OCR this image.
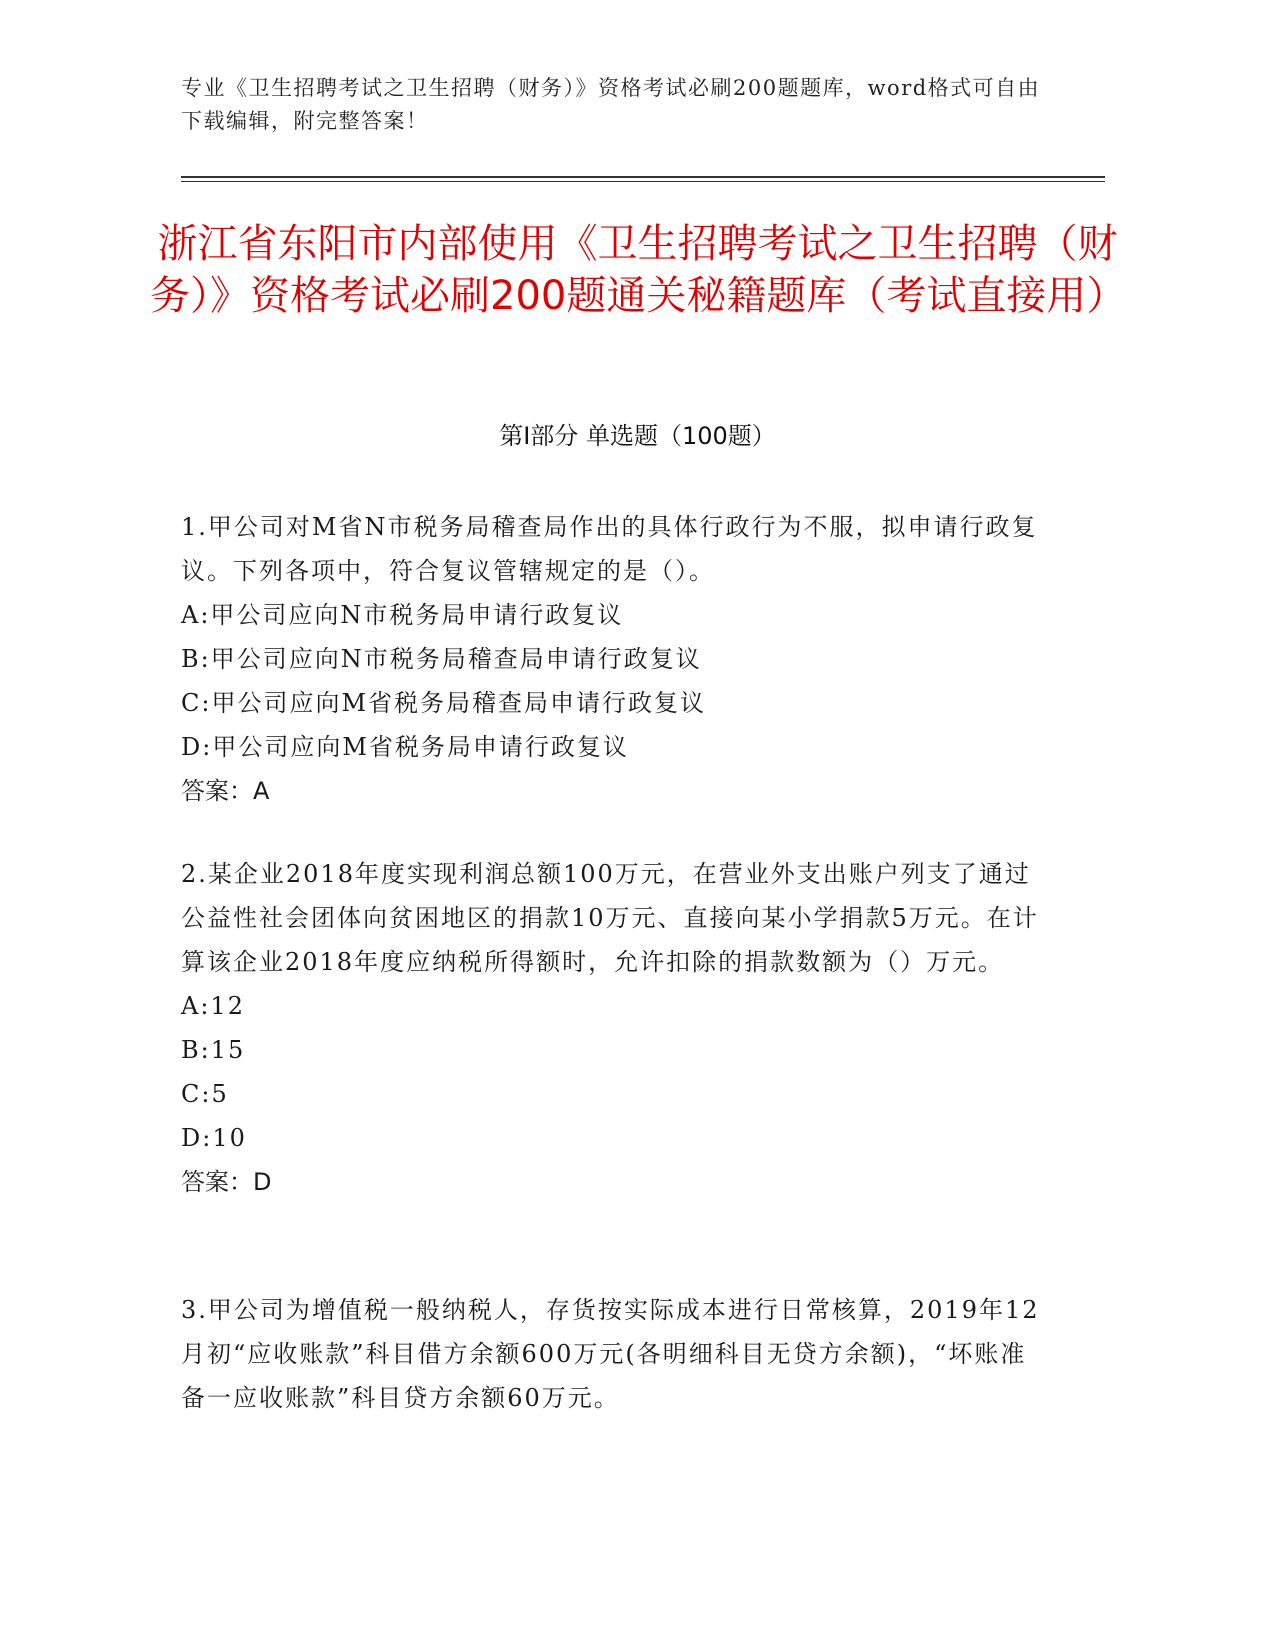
专业《卫生招聘考试之卫生招聘（财务）》资格考试必刷200题题库，word格式可自由下载编辑，附完整答案！
浙江省东阳市内部使用《卫生招聘考试之卫生招聘（财务）》资格考试必刷200题通关秘籍题库（考试直接用）
第Ⅰ部分 单选题（100题）

1.甲公司对M省N市税务局稽查局作出的具体行政行为不服，拟申请行政复议。下列各项中，符合复议管辖规定的是（）。

A:甲公司应向N市税务局申请行政复议

B:甲公司应向N市税务局稽查局申请行政复议

C:甲公司应向M省税务局稽查局申请行政复议

D:甲公司应向M省税务局申请行政复议

答案：A

2.某企业2018年度实现利润总额100万元，在营业外支出账户列支了通过公益性社会团体向贫困地区的捐款10万元、直接向某小学捐款5万元。在计算该企业2018年度应纳税所得额时，允许扣除的捐款数额为（）万元。

A:12

B:15

C:5

D:10

答案：D

3.甲公司为增值税一般纳税人，存货按实际成本进行日常核算，2019年12月初“应收账款”科目借方余额600万元(各明细科目无贷方余额)，“坏账准备一应收账款”科目贷方余额60万元。
